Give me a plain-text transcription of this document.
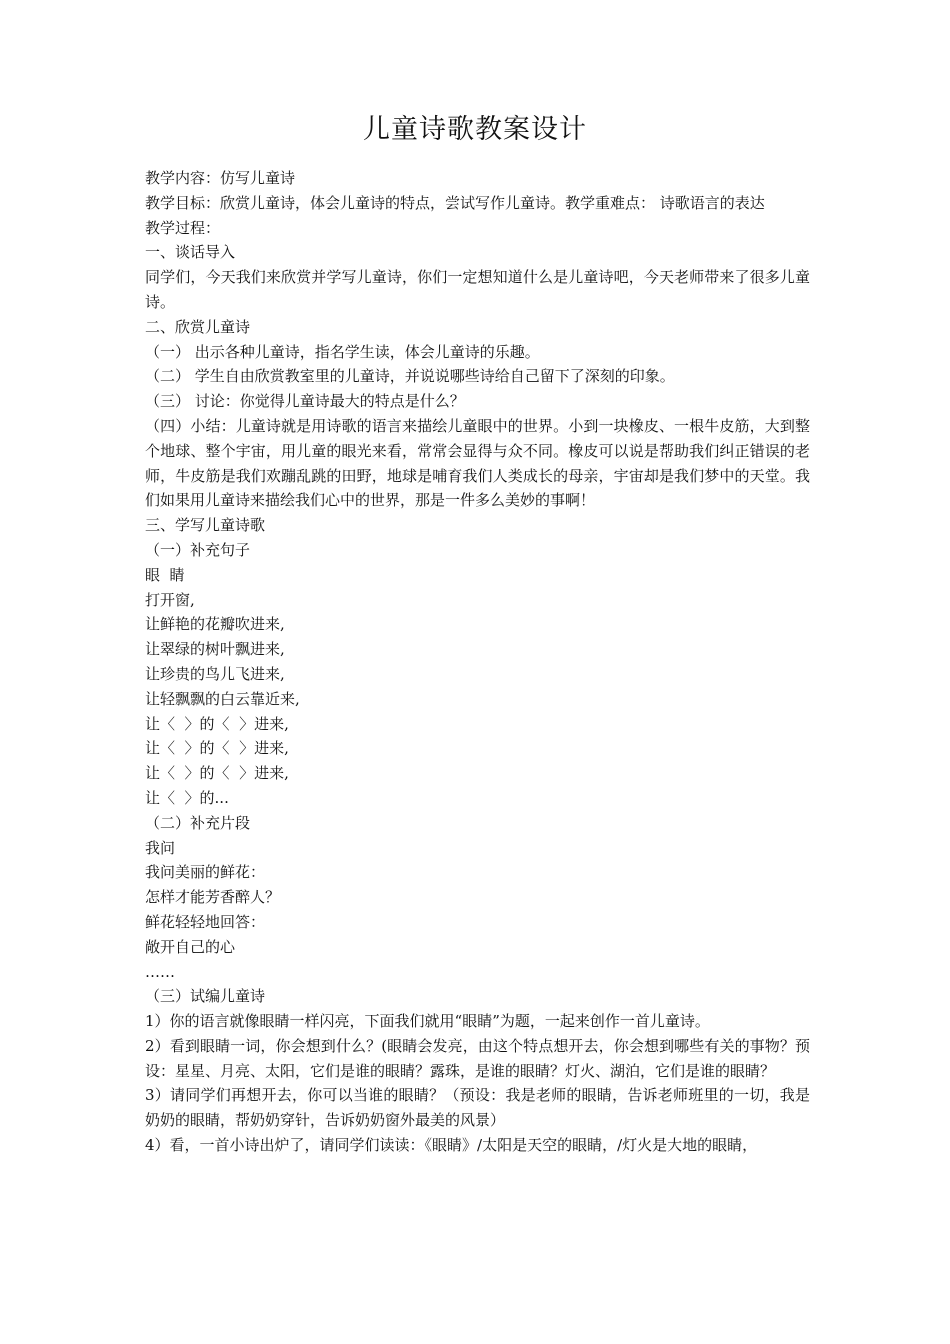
儿童诗歌教案设计

教学内容：仿写儿童诗

教学目标：欣赏儿童诗，体会儿童诗的特点，尝试写作儿童诗。教学重难点： 诗歌语言的表达

教学过程：

一、谈话导入

同学们，今天我们来欣赏并学写儿童诗，你们一定想知道什么是儿童诗吧，今天老师带来了很多儿童诗。

二、欣赏儿童诗

（一） 出示各种儿童诗，指名学生读，体会儿童诗的乐趣。

（二） 学生自由欣赏教室里的儿童诗，并说说哪些诗给自己留下了深刻的印象。

（三） 讨论：你觉得儿童诗最大的特点是什么？

（四）小结：儿童诗就是用诗歌的语言来描绘儿童眼中的世界。小到一块橡皮、一根牛皮筋，大到整个地球、整个宇宙，用儿童的眼光来看，常常会显得与众不同。橡皮可以说是帮助我们纠正错误的老师，牛皮筋是我们欢蹦乱跳的田野，地球是哺育我们人类成长的母亲，宇宙却是我们梦中的天堂。我们如果用儿童诗来描绘我们心中的世界，那是一件多么美妙的事啊！

三、学写儿童诗歌

（一）补充句子

眼  睛

打开窗,

让鲜艳的花瓣吹进来,

让翠绿的树叶飘进来,

让珍贵的鸟儿飞进来,

让轻飘飘的白云靠近来,

让〈  〉的〈  〉进来,

让〈  〉的〈  〉进来,

让〈  〉的〈  〉进来,

让〈  〉的...

（二）补充片段

我问

我问美丽的鲜花：

怎样才能芳香醉人？

鲜花轻轻地回答：

敞开自己的心

……

（三）试编儿童诗

1）你的语言就像眼睛一样闪亮，下面我们就用“眼睛”为题，一起来创作一首儿童诗。

2）看到眼睛一词，你会想到什么？(眼睛会发亮，由这个特点想开去，你会想到哪些有关的事物？预设：星星、月亮、太阳，它们是谁的眼睛？露珠，是谁的眼睛？灯火、湖泊，它们是谁的眼睛？

3）请同学们再想开去，你可以当谁的眼睛？（预设：我是老师的眼睛，告诉老师班里的一切，我是奶奶的眼睛，帮奶奶穿针，告诉奶奶窗外最美的风景）

4）看，一首小诗出炉了，请同学们读读：《眼睛》/太阳是天空的眼睛，/灯火是大地的眼睛，
